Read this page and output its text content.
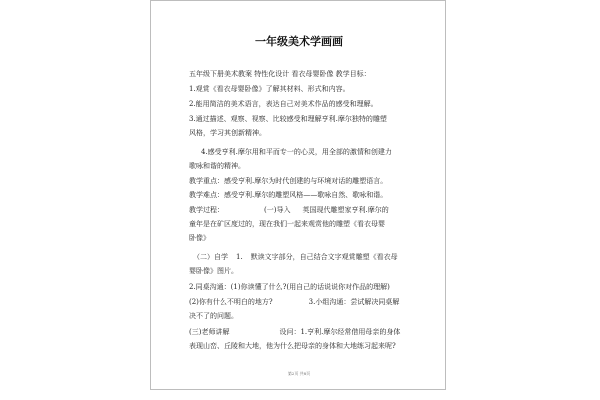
一年级美术学画画
五年级下册美术教案 特性化设计 看衣母婴卧像 教学目标：
1.观赏《看衣母婴卧像》了解其材料、形式和内容。
2.能用简洁的美术语言，表达自己对美术作品的感受和理解。
3.通过描述、观察、视察、比较感受和理解亨利.摩尔独特的雕塑
风格，学习其创新精神。
4.感受亨利.摩尔用和平而专一的心灵，用全部的激情和创建力
歌咏和谐的精神。
教学重点：感受亨利.摩尔为时代创建的与环境对话的雕塑语言。
教学难点：感受亨利.摩尔的雕塑风格——歌咏自然、歌咏和谐。
教学过程：	(一)导入 英国现代雕塑家亨利.摩尔的
童年是在矿区度过的，现在我们一起来观赏他的雕塑《看衣母婴
卧像》
（二）自学 1. 默读文字部分，自己结合文字观赏雕塑《看衣母
婴卧像》图片。
2.同桌沟通：(1)你读懂了什么?(用自己的话说说你对作品的理解)
(2)你有什么不明白的地方?	3.小组沟通：尝试解决同桌解
决不了的问题。
(三)老师讲解	设问：1.亨利.摩尔经常借用母亲的身体
表现山峦、丘陵和大地，他为什么把母亲的身体和大地练习起来呢?
第2页 共8页
